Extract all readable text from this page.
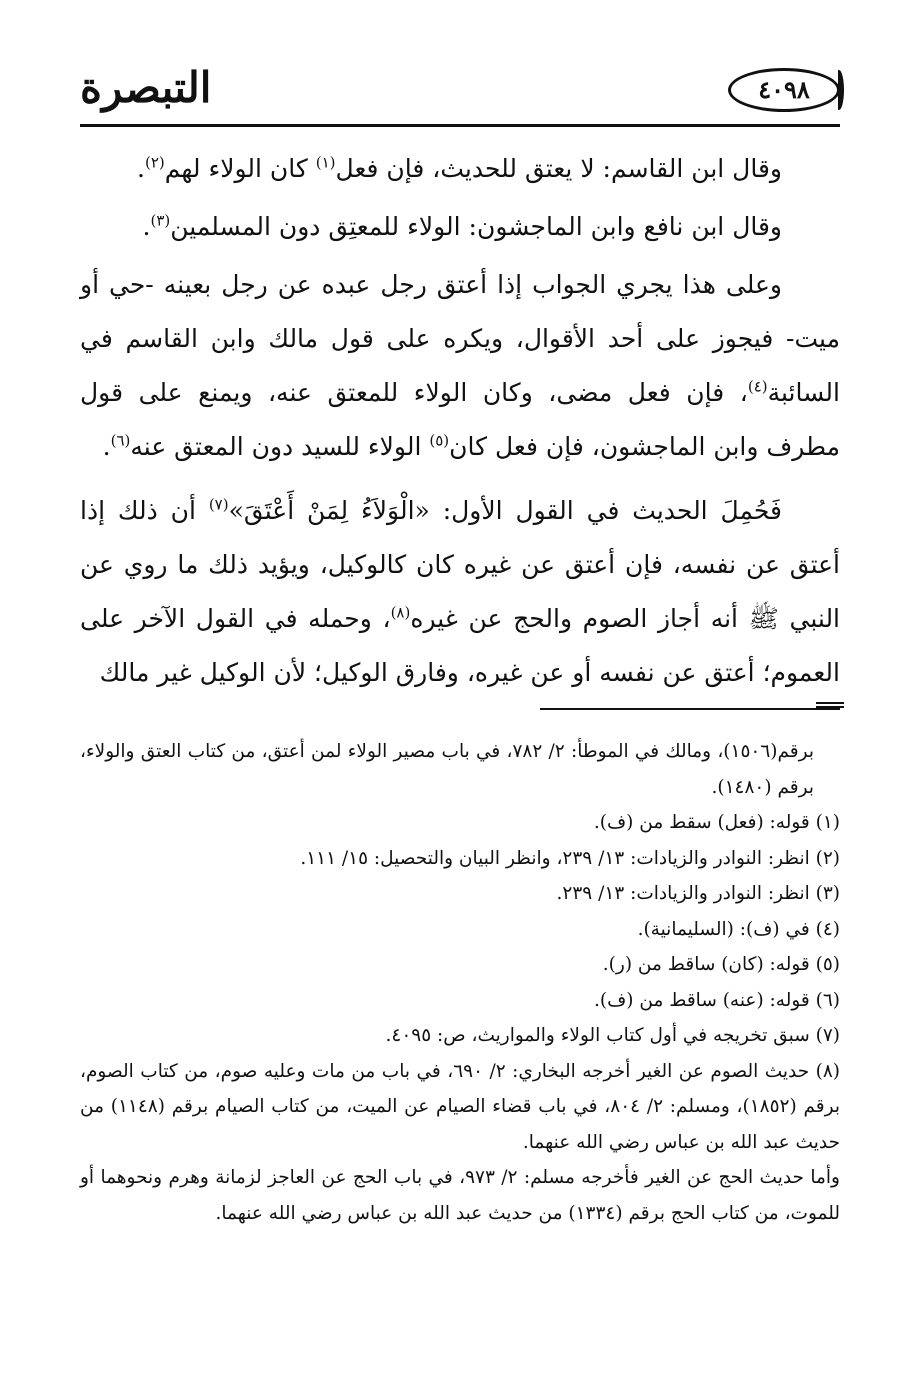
التبصرة	٤٠٩٨

وقال ابن القاسم: لا يعتق للحديث، فإن فعل$^{(١)}$ كان الولاء لهم$^{(٢)}$.

وقال ابن نافع وابن الماجشون: الولاء للمعتِق دون المسلمين$^{(٣)}$.

وعلى هذا يجري الجواب إذا أعتق رجل عبده عن رجل بعينه -حي أو ميت- فيجوز على أحد الأقوال، ويكره على قول مالك وابن القاسم في السائبة$^{(٤)}$، فإن فعل مضى، وكان الولاء للمعتق عنه، ويمنع على قول مطرف وابن الماجشون، فإن فعل كان$^{(٥)}$ الولاء للسيد دون المعتق عنه$^{(٦)}$.

فَحُمِلَ الحديث في القول الأول: «الْوَلاَءُ لِمَنْ أَعْتَقَ»$^{(٧)}$ أن ذلك إذا أعتق عن نفسه، فإن أعتق عن غيره كان كالوكيل، ويؤيد ذلك ما روي عن النبي ﷺ أنه أجاز الصوم والحج عن غيره$^{(٨)}$، وحمله في القول الآخر على العموم؛ أعتق عن نفسه أو عن غيره، وفارق الوكيل؛ لأن الوكيل غير مالك

برقم(١٥٠٦)، ومالك في الموطأ: ٢/ ٧٨٢، في باب مصير الولاء لمن أعتق، من كتاب العتق والولاء، برقم (١٤٨٠).

(١) قوله: (فعل) سقط من (ف).

(٢) انظر: النوادر والزيادات: ١٣/ ٢٣٩، وانظر البيان والتحصيل: ١٥/ ١١١.

(٣) انظر: النوادر والزيادات: ١٣/ ٢٣٩.

(٤) في (ف): (السليمانية).

(٥) قوله: (كان) ساقط من (ر).

(٦) قوله: (عنه) ساقط من (ف).

(٧) سبق تخريجه في أول كتاب الولاء والمواريث، ص: ٤٠٩٥.

(٨) حديث الصوم عن الغير أخرجه البخاري: ٢/ ٦٩٠، في باب من مات وعليه صوم، من كتاب الصوم، برقم (١٨٥٢)، ومسلم: ٢/ ٨٠٤، في باب قضاء الصيام عن الميت، من كتاب الصيام برقم (١١٤٨) من حديث عبد الله بن عباس رضي الله عنهما.

وأما حديث الحج عن الغير فأخرجه مسلم: ٢/ ٩٧٣، في باب الحج عن العاجز لزمانة وهرم ونحوهما أو للموت، من كتاب الحج برقم (١٣٣٤) من حديث عبد الله بن عباس رضي الله عنهما.
